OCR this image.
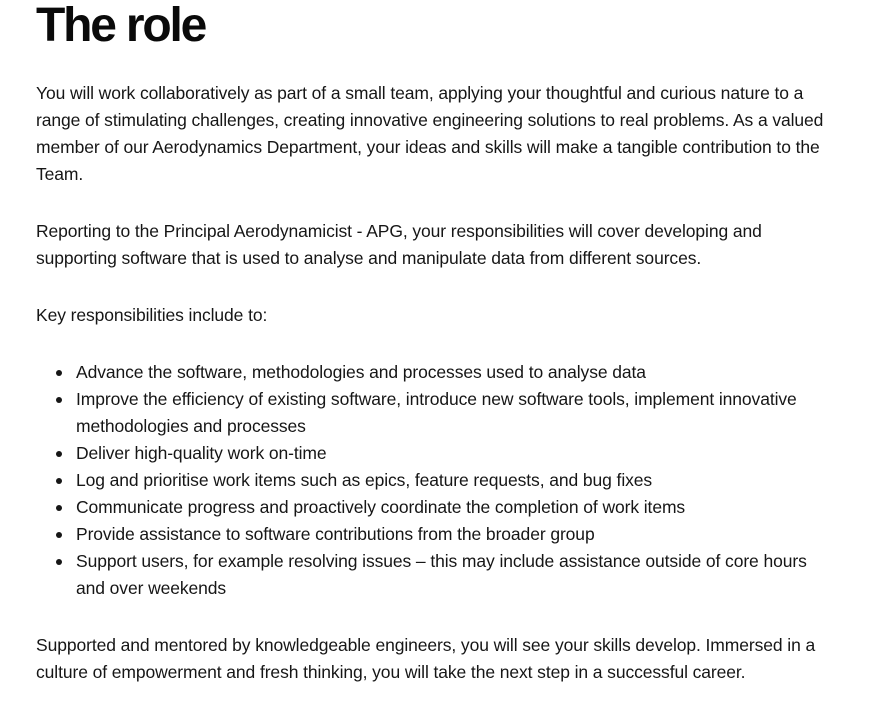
The role

You will work collaboratively as part of a small team, applying your thoughtful and curious nature to a range of stimulating challenges, creating innovative engineering solutions to real problems. As a valued member of our Aerodynamics Department, your ideas and skills will make a tangible contribution to the Team.

Reporting to the Principal Aerodynamicist - APG, your responsibilities will cover developing and supporting software that is used to analyse and manipulate data from different sources.

Key responsibilities include to:

Advance the software, methodologies and processes used to analyse data
Improve the efficiency of existing software, introduce new software tools, implement innovative methodologies and processes
Deliver high-quality work on-time
Log and prioritise work items such as epics, feature requests, and bug fixes
Communicate progress and proactively coordinate the completion of work items
Provide assistance to software contributions from the broader group
Support users, for example resolving issues – this may include assistance outside of core hours and over weekends

Supported and mentored by knowledgeable engineers, you will see your skills develop. Immersed in a culture of empowerment and fresh thinking, you will take the next step in a successful career.
